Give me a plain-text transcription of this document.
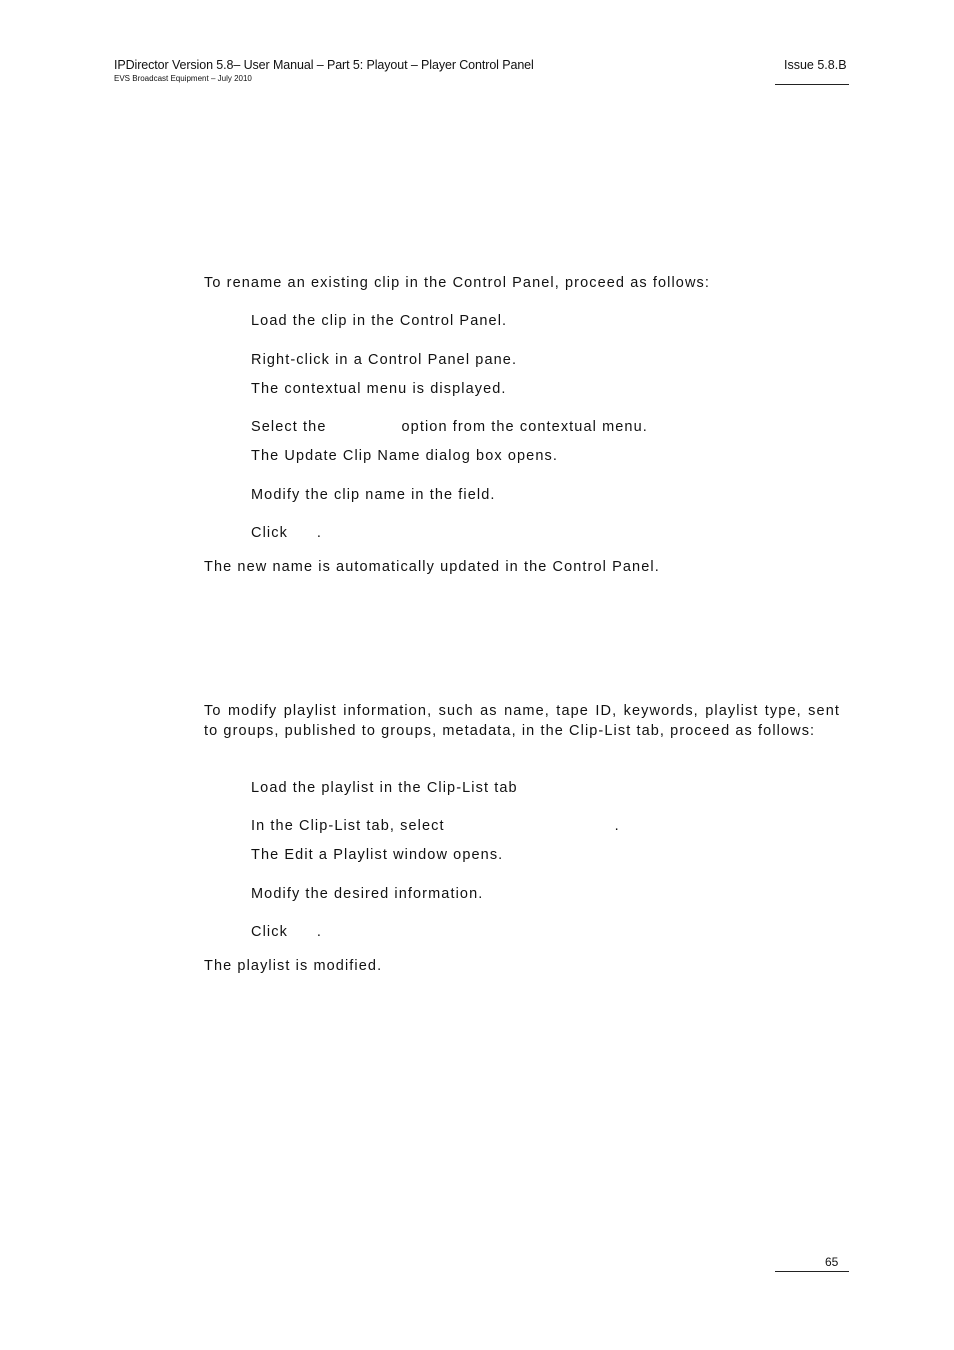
IPDirector Version 5.8– User Manual – Part 5: Playout – Player Control Panel
EVS Broadcast Equipment – July 2010
Issue 5.8.B
To rename an existing clip in the Control Panel, proceed as follows:
Load the clip in the Control Panel.
Right-click in a Control Panel pane.
The contextual menu is displayed.
Select the	option from the contextual menu.
The Update Clip Name dialog box opens.
Modify the clip name in the field.
Click .
The new name is automatically updated in the Control Panel.
To modify playlist information, such as name, tape ID, keywords, playlist type, sent to groups, published to groups, metadata, in the Clip-List tab, proceed as follows:
Load the playlist in the Clip-List tab
In the Clip-List tab, select	.
The Edit a Playlist window opens.
Modify the desired information.
Click .
The playlist is modified.
65
